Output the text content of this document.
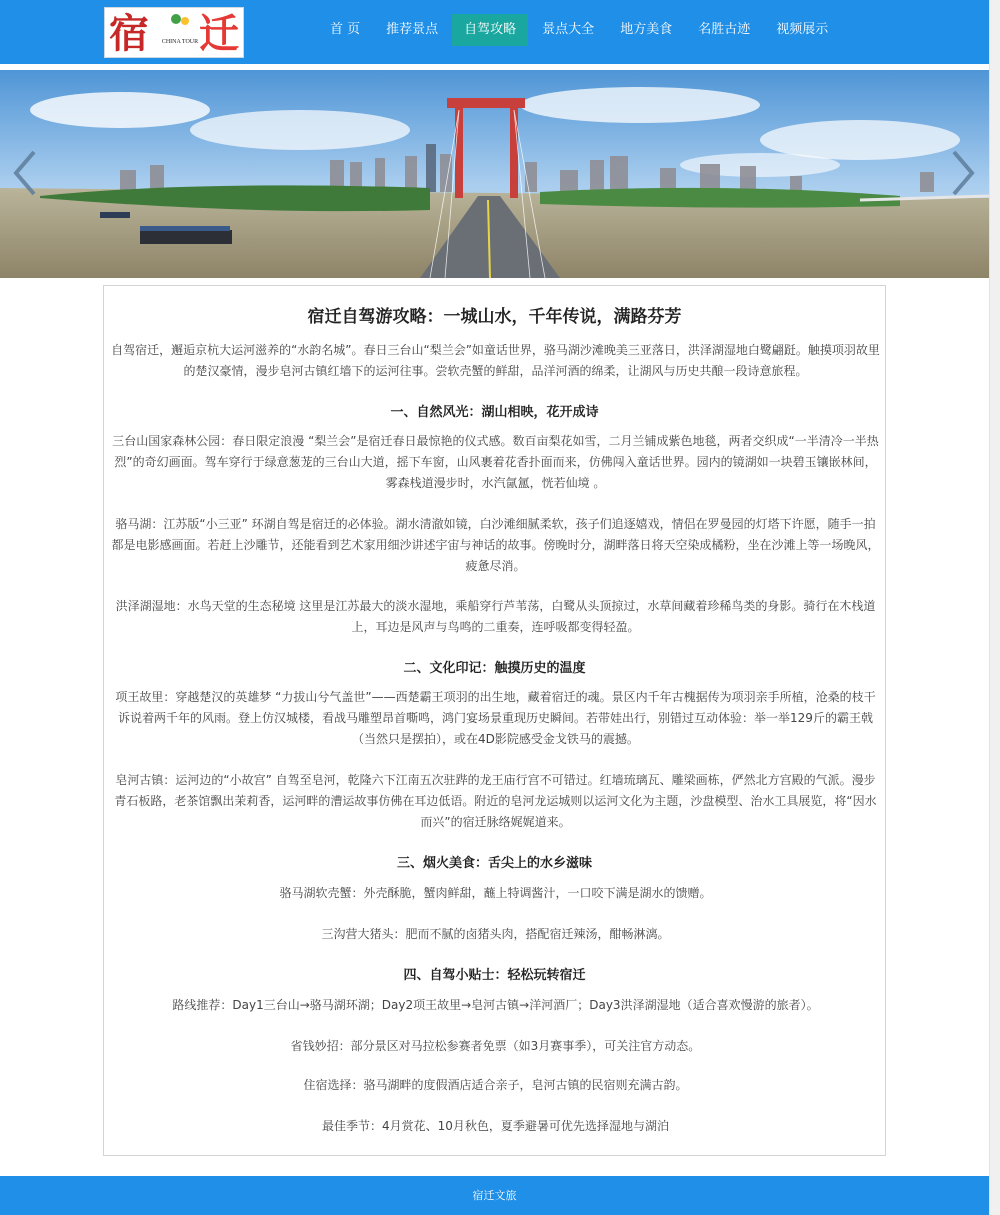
宿	CHINA TOUR 迁	首 页	推荐景点	自驾攻略	景点大全	地方美食	名胜古迹	视频展示
宿迁自驾游攻略：一城山水，千年传说，满路芬芳
自驾宿迁，邂逅京杭大运河滋养的“水韵名城”。春日三台山“梨兰会”如童话世界，骆马湖沙滩晚美三亚落日，洪泽湖湿地白鹭翩跹。触摸项羽故里的楚汉豪情，漫步皂河古镇红墙下的运河往事。尝软壳蟹的鲜甜，品洋河酒的绵柔，让湖风与历史共酿一段诗意旅程。
一、自然风光：湖山相映，花开成诗
三台山国家森林公园：春日限定浪漫 “梨兰会”是宿迁春日最惊艳的仪式感。数百亩梨花如雪，二月兰铺成紫色地毯，两者交织成“一半清冷一半热烈”的奇幻画面。驾车穿行于绿意葱茏的三台山大道，摇下车窗，山风裹着花香扑面而来，仿佛闯入童话世界。园内的镜湖如一块碧玉镶嵌林间，雾森栈道漫步时，水汽氤氲，恍若仙境 。
骆马湖：江苏版“小三亚” 环湖自驾是宿迁的必体验。湖水清澈如镜，白沙滩细腻柔软，孩子们追逐嬉戏，情侣在罗曼园的灯塔下许愿，随手一拍都是电影感画面。若赶上沙雕节，还能看到艺术家用细沙讲述宇宙与神话的故事。傍晚时分，湖畔落日将天空染成橘粉，坐在沙滩上等一场晚风，疲惫尽消。
洪泽湖湿地：水鸟天堂的生态秘境 这里是江苏最大的淡水湿地，乘船穿行芦苇荡，白鹭从头顶掠过，水草间藏着珍稀鸟类的身影。骑行在木栈道上，耳边是风声与鸟鸣的二重奏，连呼吸都变得轻盈。
二、文化印记：触摸历史的温度
项王故里：穿越楚汉的英雄梦 “力拔山兮气盖世”——西楚霸王项羽的出生地，藏着宿迁的魂。景区内千年古槐据传为项羽亲手所植，沧桑的枝干诉说着两千年的风雨。登上仿汉城楼，看战马雕塑昂首嘶鸣，鸿门宴场景重现历史瞬间。若带娃出行，别错过互动体验：举一举129斤的霸王戟（当然只是摆拍），或在4D影院感受金戈铁马的震撼。
皂河古镇：运河边的“小故宫” 自驾至皂河，乾隆六下江南五次驻跸的龙王庙行宫不可错过。红墙琉璃瓦、雕梁画栋，俨然北方宫殿的气派。漫步青石板路，老茶馆飘出茉莉香，运河畔的漕运故事仿佛在耳边低语。附近的皂河龙运城则以运河文化为主题，沙盘模型、治水工具展览，将“因水而兴”的宿迁脉络娓娓道来。
三、烟火美食：舌尖上的水乡滋味
骆马湖软壳蟹：外壳酥脆，蟹肉鲜甜，蘸上特调酱汁，一口咬下满是湖水的馈赠。
三沟营大猪头：肥而不腻的卤猪头肉，搭配宿迁辣汤，酣畅淋漓。
四、自驾小贴士：轻松玩转宿迁
路线推荐：Day1三台山→骆马湖环湖；Day2项王故里→皂河古镇→洋河酒厂；Day3洪泽湖湿地（适合喜欢慢游的旅者）。
省钱妙招：部分景区对马拉松参赛者免票（如3月赛事季），可关注官方动态。
住宿选择：骆马湖畔的度假酒店适合亲子，皂河古镇的民宿则充满古韵。
最佳季节：4月赏花、10月秋色，夏季避暑可优先选择湿地与湖泊
宿迁文旅
